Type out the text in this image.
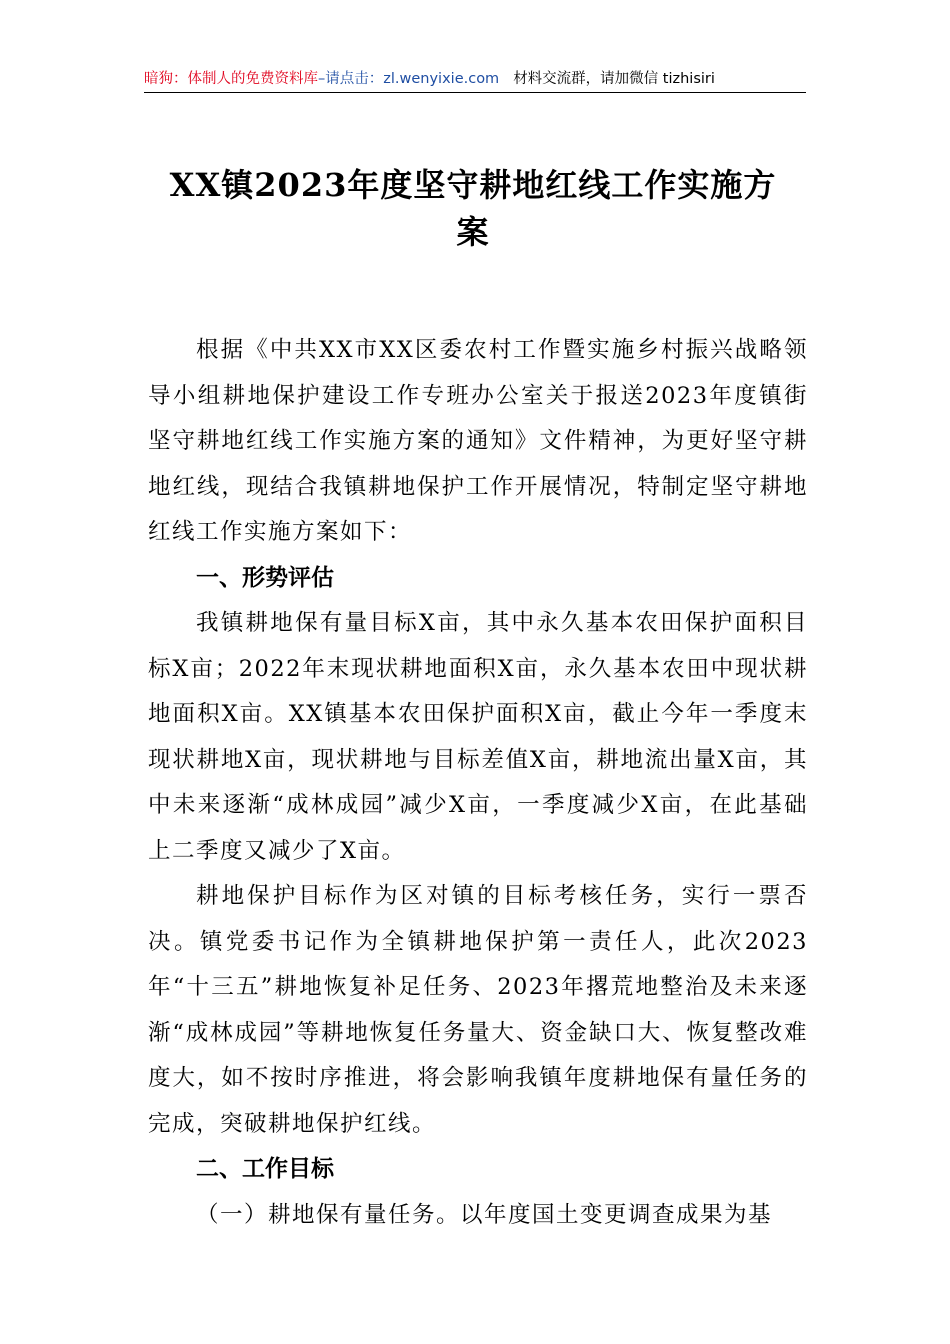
暗狗：体制人的免费资料库–请点击：zl.wenyixie.com 材料交流群，请加微信 tizhisiri
XX镇2023年度坚守耕地红线工作实施方
案

根据《中共XX市XX区委农村工作暨实施乡村振兴战略领导小组耕地保护建设工作专班办公室关于报送2023年度镇街坚守耕地红线工作实施方案的通知》文件精神，为更好坚守耕地红线，现结合我镇耕地保护工作开展情况，特制定坚守耕地红线工作实施方案如下：

一、形势评估

我镇耕地保有量目标X亩，其中永久基本农田保护面积目标X亩；2022年末现状耕地面积X亩，永久基本农田中现状耕地面积X亩。XX镇基本农田保护面积X亩，截止今年一季度末现状耕地X亩，现状耕地与目标差值X亩，耕地流出量X亩，其中未来逐渐“成林成园”减少X亩，一季度减少X亩，在此基础上二季度又减少了X亩。

耕地保护目标作为区对镇的目标考核任务，实行一票否决。镇党委书记作为全镇耕地保护第一责任人，此次2023年“十三五”耕地恢复补足任务、2023年撂荒地整治及未来逐渐“成林成园”等耕地恢复任务量大、资金缺口大、恢复整改难度大，如不按时序推进，将会影响我镇年度耕地保有量任务的完成，突破耕地保护红线。

二、工作目标

（一）耕地保有量任务。以年度国土变更调查成果为基
